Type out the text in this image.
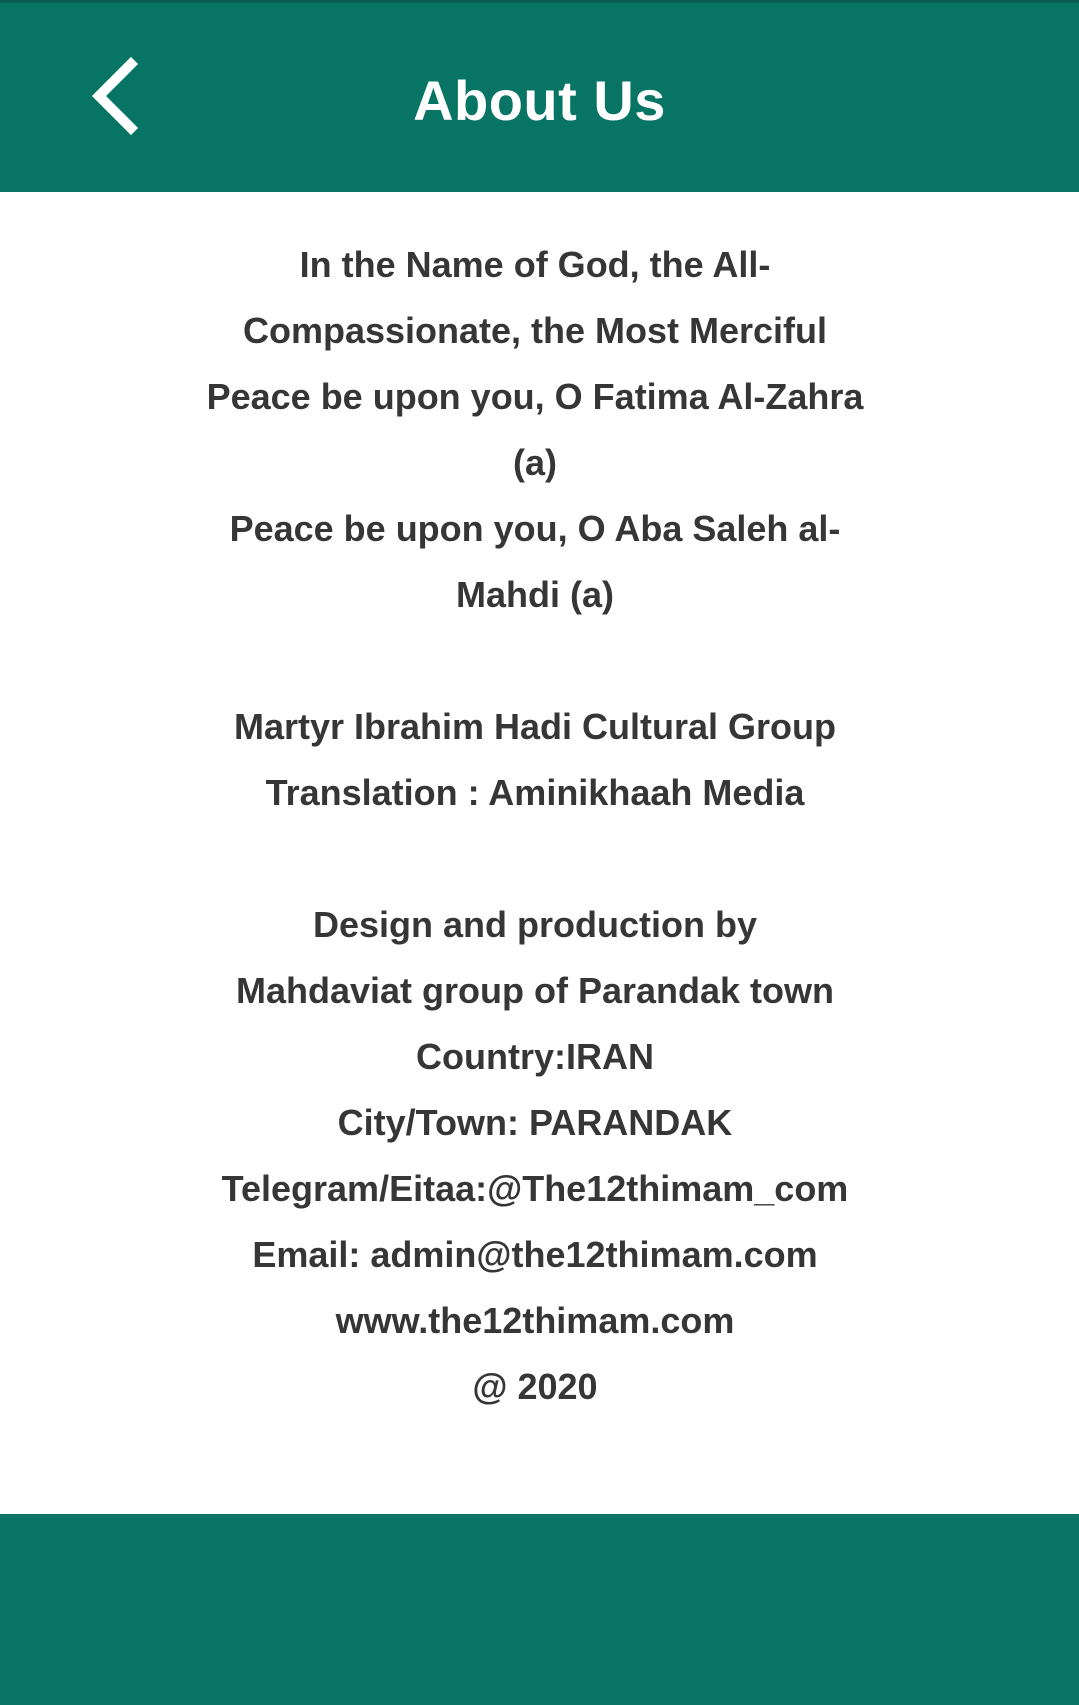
About Us

In the Name of God, the All-Compassionate, the Most Merciful

Peace be upon you, O Fatima Al-Zahra (a)

Peace be upon you, O Aba Saleh al-Mahdi (a)

Martyr Ibrahim Hadi Cultural Group

Translation : Aminikhaah Media

Design and production by

Mahdaviat group of Parandak town

Country:IRAN

City/Town: PARANDAK

Telegram/Eitaa:@The12thimam_com

Email: admin@the12thimam.com

www.the12thimam.com

@ 2020
